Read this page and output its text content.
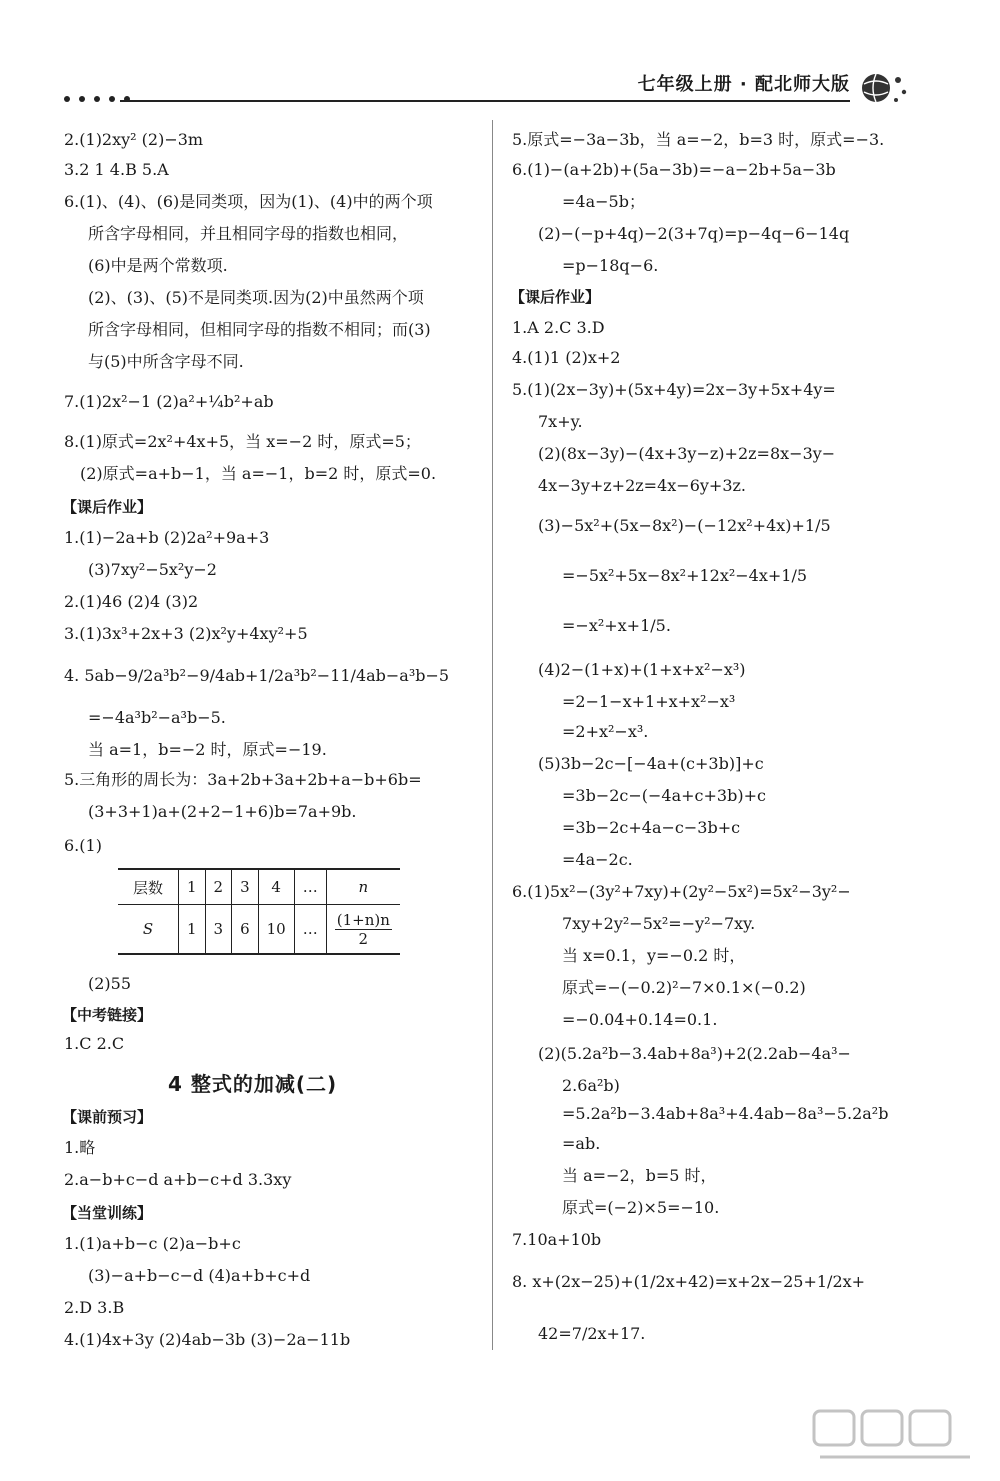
七年级上册 · 配北师大版
2.(1)2xy² (2)−3m
3.2 1 4.B 5.A
6.(1)、(4)、(6)是同类项，因为(1)、(4)中的两个项
所含字母相同，并且相同字母的指数也相同，
(6)中是两个常数项.
(2)、(3)、(5)不是同类项.因为(2)中虽然两个项
所含字母相同，但相同字母的指数不相同；而(3)
与(5)中所含字母不同.
7.(1)2x²−1 (2)a²+¼b²+ab
8.(1)原式=2x²+4x+5，当 x=−2 时，原式=5；
(2)原式=a+b−1，当 a=−1，b=2 时，原式=0.
【课后作业】
1.(1)−2a+b (2)2a²+9a+3
(3)7xy²−5x²y−2
2.(1)46 (2)4 (3)2
3.(1)3x³+2x+3 (2)x²y+4xy²+5
4. 5ab−9/2a³b²−9/4ab+1/2a³b²−11/4ab−a³b−5
=−4a³b²−a³b−5.
当 a=1，b=−2 时，原式=−19.
5.三角形的周长为：3a+2b+3a+2b+a−b+6b=
(3+3+1)a+(2+2−1+6)b=7a+9b.
6.(1)
层数	1	2	3	4	…	n
S	1	3	6	10	…	$\frac{(1+n)n}{2}$
(2)55
【中考链接】
1.C 2.C
4 整式的加减(二)
【课前预习】
1.略
2.a−b+c−d a+b−c+d 3.3xy
【当堂训练】
1.(1)a+b−c (2)a−b+c
(3)−a+b−c−d (4)a+b+c+d
2.D 3.B
4.(1)4x+3y (2)4ab−3b (3)−2a−11b
5.原式=−3a−3b，当 a=−2，b=3 时，原式=−3.
6.(1)−(a+2b)+(5a−3b)=−a−2b+5a−3b
=4a−5b；
(2)−(−p+4q)−2(3+7q)=p−4q−6−14q
=p−18q−6.
【课后作业】
1.A 2.C 3.D
4.(1)1 (2)x+2
5.(1)(2x−3y)+(5x+4y)=2x−3y+5x+4y=
7x+y.
(2)(8x−3y)−(4x+3y−z)+2z=8x−3y−
4x−3y+z+2z=4x−6y+3z.
(3)−5x²+(5x−8x²)−(−12x²+4x)+1/5
=−5x²+5x−8x²+12x²−4x+1/5
=−x²+x+1/5.
(4)2−(1+x)+(1+x+x²−x³)
=2−1−x+1+x+x²−x³
=2+x²−x³.
(5)3b−2c−[−4a+(c+3b)]+c
=3b−2c−(−4a+c+3b)+c
=3b−2c+4a−c−3b+c
=4a−2c.
6.(1)5x²−(3y²+7xy)+(2y²−5x²)=5x²−3y²−
7xy+2y²−5x²=−y²−7xy.
当 x=0.1，y=−0.2 时，
原式=−(−0.2)²−7×0.1×(−0.2)
=−0.04+0.14=0.1.
(2)(5.2a²b−3.4ab+8a³)+2(2.2ab−4a³−
2.6a²b)
=5.2a²b−3.4ab+8a³+4.4ab−8a³−5.2a²b
=ab.
当 a=−2，b=5 时，
原式=(−2)×5=−10.
7.10a+10b
8. x+(2x−25)+(1/2x+42)=x+2x−25+1/2x+
42=7/2x+17.
